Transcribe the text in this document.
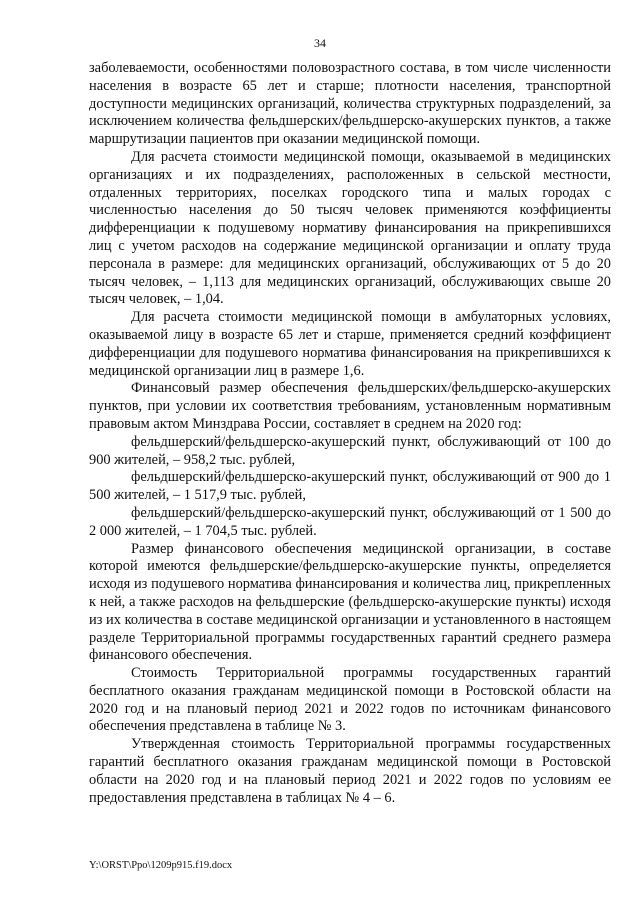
34

заболеваемости, особенностями половозрастного состава, в том числе численности населения в возрасте 65 лет и старше; плотности населения, транспортной доступности медицинских организаций, количества структурных подразделений, за исключением количества фельдшерских/фельдшерско-акушерских пунктов, а также маршрутизации пациентов при оказании медицинской помощи.

Для расчета стоимости медицинской помощи, оказываемой в медицинских организациях и их подразделениях, расположенных в сельской местности, отдаленных территориях, поселках городского типа и малых городах с численностью населения до 50 тысяч человек применяются коэффициенты дифференциации к подушевому нормативу финансирования на прикрепившихся лиц с учетом расходов на содержание медицинской организации и оплату труда персонала в размере: для медицинских организаций, обслуживающих от 5 до 20 тысяч человек, – 1,113 для медицинских организаций, обслуживающих свыше 20 тысяч человек, – 1,04.

Для расчета стоимости медицинской помощи в амбулаторных условиях, оказываемой лицу в возрасте 65 лет и старше, применяется средний коэффициент дифференциации для подушевого норматива финансирования на прикрепившихся к медицинской организации лиц в размере 1,6.

Финансовый размер обеспечения фельдшерских/фельдшерско-акушерских пунктов, при условии их соответствия требованиям, установленным нормативным правовым актом Минздрава России, составляет в среднем на 2020 год:

фельдшерский/фельдшерско-акушерский пункт, обслуживающий от 100 до 900 жителей, – 958,2 тыс. рублей,

фельдшерский/фельдшерско-акушерский пункт, обслуживающий от 900 до 1 500 жителей, – 1 517,9 тыс. рублей,

фельдшерский/фельдшерско-акушерский пункт, обслуживающий от 1 500 до 2 000 жителей, – 1 704,5 тыс. рублей.

Размер финансового обеспечения медицинской организации, в составе которой имеются фельдшерские/фельдшерско-акушерские пункты, определяется исходя из подушевого норматива финансирования и количества лиц, прикрепленных к ней, а также расходов на фельдшерские (фельдшерско-акушерские пункты) исходя из их количества в составе медицинской организации и установленного в настоящем разделе Территориальной программы государственных гарантий среднего размера финансового обеспечения.

Стоимость Территориальной программы государственных гарантий бесплатного оказания гражданам медицинской помощи в Ростовской области на 2020 год и на плановый период 2021 и 2022 годов по источникам финансового обеспечения представлена в таблице № 3.

Утвержденная стоимость Территориальной программы государственных гарантий бесплатного оказания гражданам медицинской помощи в Ростовской области на 2020 год и на плановый период 2021 и 2022 годов по условиям ее предоставления представлена в таблицах № 4 – 6.

Y:\ORST\Ppo\1209p915.f19.docx
